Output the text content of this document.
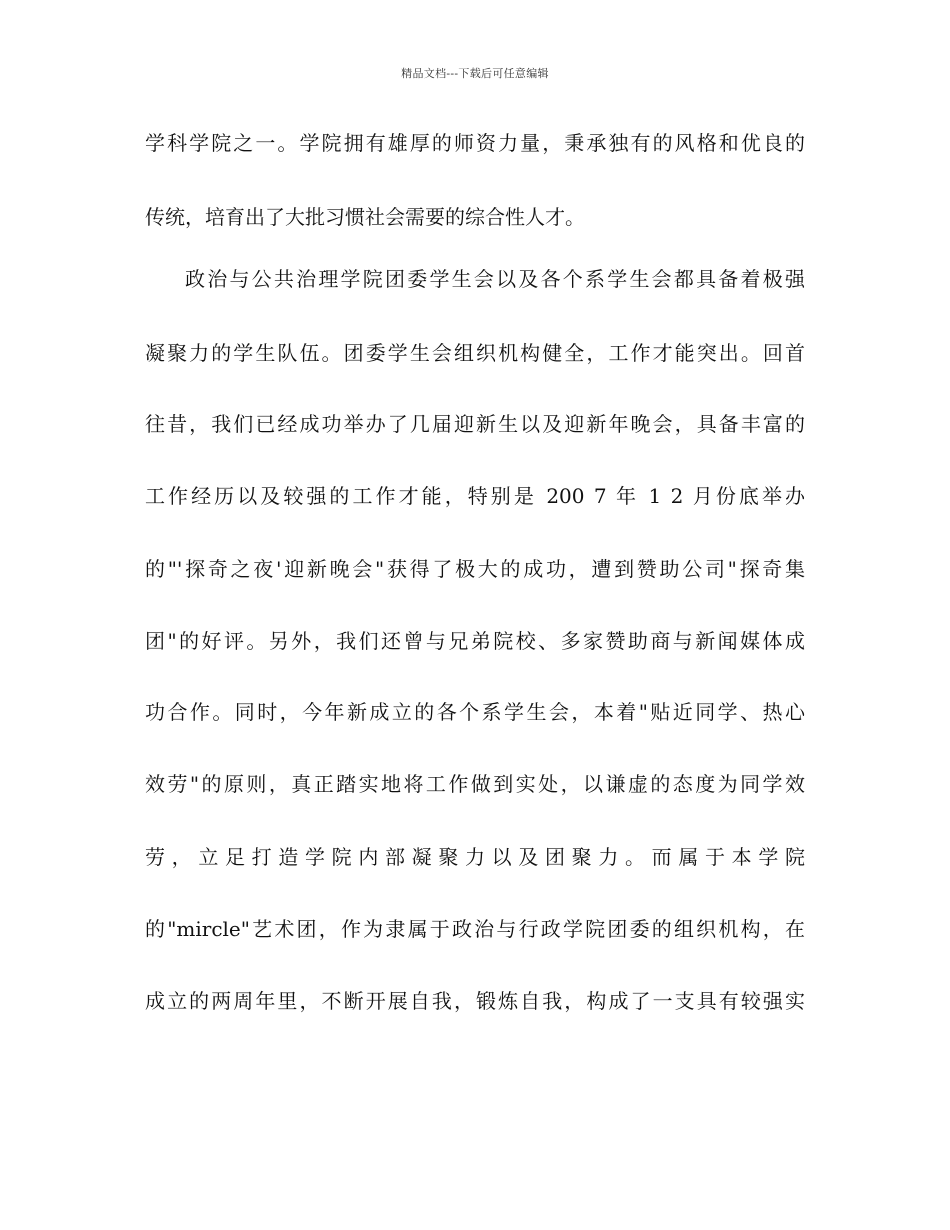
精品文档---下载后可任意编辑
学科学院之一。学院拥有雄厚的师资力量，秉承独有的风格和优良的
传统，培育出了大批习惯社会需要的综合性人才。
政治与公共治理学院团委学生会以及各个系学生会都具备着极强
凝聚力的学生队伍。团委学生会组织机构健全，工作才能突出。回首
往昔，我们已经成功举办了几届迎新生以及迎新年晚会，具备丰富的
工作经历以及较强的工作才能，特别是 200 7 年 1 2 月份底举办
的"'探奇之夜'迎新晚会"获得了极大的成功，遭到赞助公司"探奇集
团"的好评。另外，我们还曾与兄弟院校、多家赞助商与新闻媒体成
功合作。同时，今年新成立的各个系学生会，本着"贴近同学、热心
效劳"的原则，真正踏实地将工作做到实处，以谦虚的态度为同学效
劳，立足打造学院内部凝聚力以及团聚力。而属于本学院
的"mircle"艺术团，作为隶属于政治与行政学院团委的组织机构，在
成立的两周年里，不断开展自我，锻炼自我，构成了一支具有较强实
